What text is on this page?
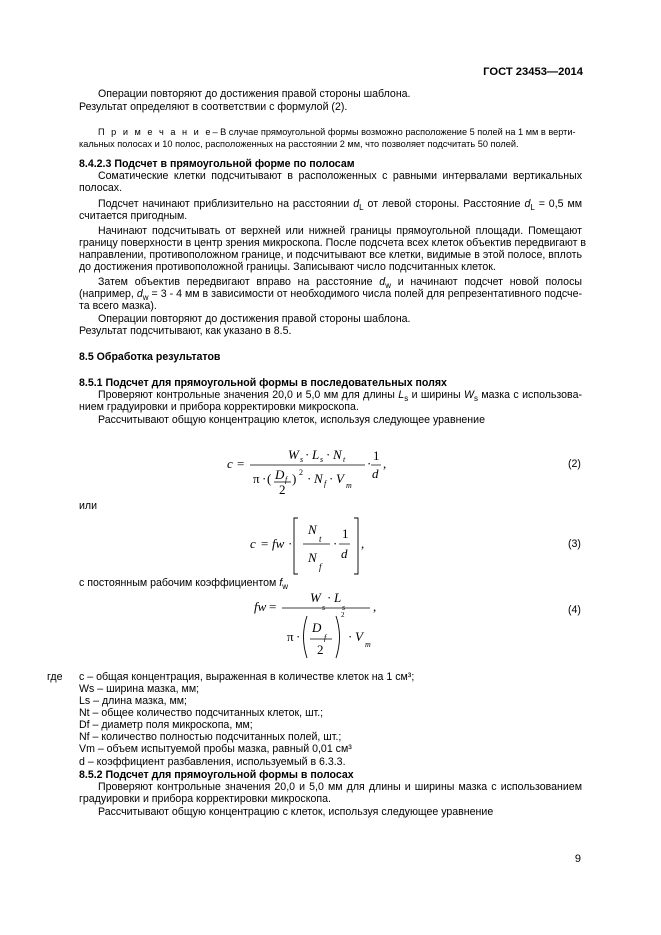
ГОСТ 23453—2014

Операции повторяют до достижения правой стороны шаблона.

Результат определяют в соответствии с формулой (2).

П р и м е ч а н и е– В случае прямоугольной формы возможно расположение 5 полей на 1 мм в верти-

кальных полосах и 10 полос, расположенных на расстоянии 2 мм, что позволяет подсчитать 50 полей.

8.4.2.3 Подсчет в прямоугольной форме по полосам

Соматические клетки подсчитывают в расположенных с равными интервалами вертикальных

полосах.

Подсчет начинают приблизительно на расстоянии $d_L$ от левой стороны. Расстояние $d_L = 0,5$ мм

считается пригодным.

Начинают подсчитывать от верхней или нижней границы прямоугольной площади. Помещают

границу поверхности в центр зрения микроскопа. После подсчета всех клеток объектив передвигают в

направлении, противоположном границе, и подсчитывают все клетки, видимые в этой полосе, вплоть

до достижения противоположной границы. Записывают число подсчитанных клеток.

Затем объектив передвигают вправо на расстояние $d_w$ и начинают подсчет новой полосы

(например, $d_w = 3 - 4$ мм в зависимости от необходимого числа полей для репрезентативного подсче-

та всего мазка).

Операции повторяют до достижения правой стороны шаблона.

Результат подсчитывают, как указано в 8.5.

8.5 Обработка результатов

8.5.1 Подсчет для прямоугольной формы в последовательных полях

Проверяют контрольные значения 20,0 и 5,0 мм для длины $L_s$ и ширины $W_s$ мазка с использова-

нием градуировки и прибора корректировки микроскопа.

Рассчитывают общую концентрацию клеток, используя следующее уравнение

c =
W s · L s · N t
π · ( D f
2
) 2 · N f · V m
·
1
d
,	(2)

или

c = fw ·
N
t
N
f
·
1
d
,	(3)

с постоянным рабочим коэффициентом $f_w$

fw =
W
s
· L
s
2
π ·
D
f
2
· V
m
,	(4)

где c – общая концентрация, выраженная в количестве клеток на 1 см³;

Ws – ширина мазка, мм;

Ls – длина мазка, мм;

Nt – общее количество подсчитанных клеток, шт.;

Df – диаметр поля микроскопа, мм;

Nf – количество полностью подсчитанных полей, шт.;

Vm – объем испытуемой пробы мазка, равный 0,01 см³

d – коэффициент разбавления, используемый в 6.3.3.

8.5.2 Подсчет для прямоугольной формы в полосах

Проверяют контрольные значения 20,0 и 5,0 мм для длины и ширины мазка с использованием

градуировки и прибора корректировки микроскопа.

Рассчитывают общую концентрацию с клеток, используя следующее уравнение

9
